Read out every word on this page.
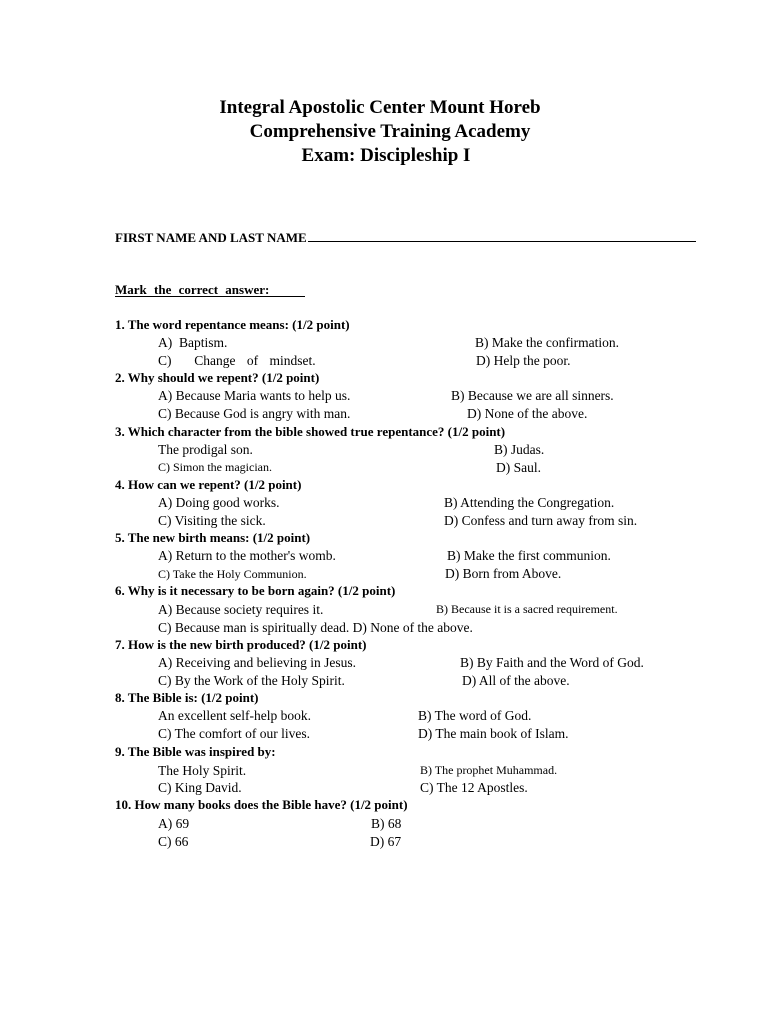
Integral Apostolic Center Mount Horeb
Comprehensive Training Academy
Exam: Discipleship I
FIRST NAME AND LAST NAME
Mark the correct answer:
1. The word repentance means: (1/2 point)
A)  Baptism.	B) Make the confirmation.
C)  Change of mindset.	D) Help the poor.
2. Why should we repent? (1/2 point)
A) Because Maria wants to help us.	B) Because we are all sinners.
C) Because God is angry with man.	D) None of the above.
3. Which character from the bible showed true repentance? (1/2 point)
The prodigal son.	B) Judas.
C) Simon the magician.	D) Saul.
4. How can we repent? (1/2 point)
A) Doing good works.	B) Attending the Congregation.
C) Visiting the sick.	D) Confess and turn away from sin.
5. The new birth means: (1/2 point)
A) Return to the mother's womb.	B) Make the first communion.
C) Take the Holy Communion.	D) Born from Above.
6. Why is it necessary to be born again? (1/2 point)
A) Because society requires it.	B) Because it is a sacred requirement.
C) Because man is spiritually dead. D) None of the above.
7. How is the new birth produced? (1/2 point)
A) Receiving and believing in Jesus.	B) By Faith and the Word of God.
C) By the Work of the Holy Spirit.	D) All of the above.
8. The Bible is: (1/2 point)
An excellent self-help book.	B) The word of God.
C) The comfort of our lives.	D) The main book of Islam.
9. The Bible was inspired by:
The Holy Spirit.	B) The prophet Muhammad.
C) King David.	C) The 12 Apostles.
10. How many books does the Bible have? (1/2 point)
A) 69	B) 68
C) 66	D) 67
